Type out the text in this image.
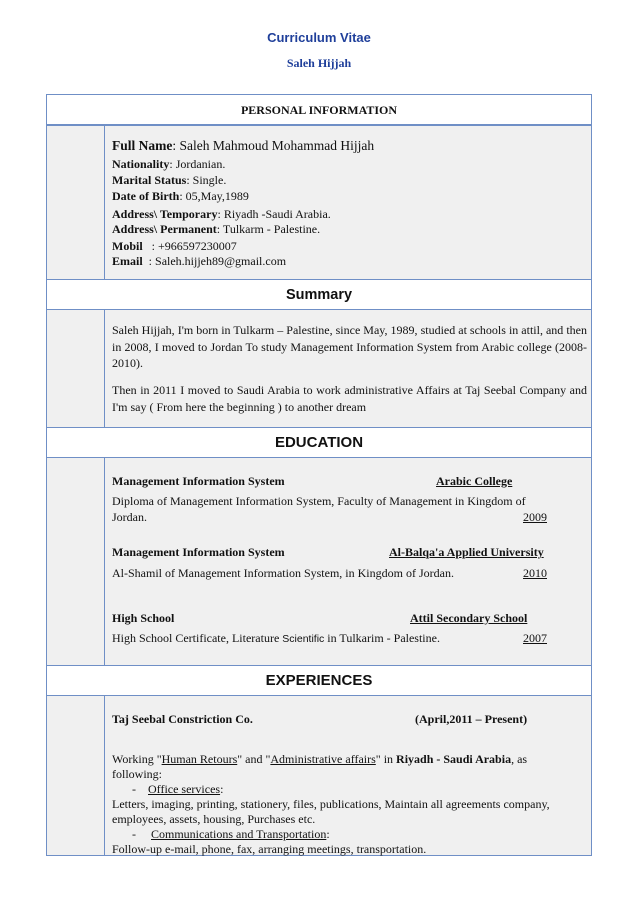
Curriculum Vitae
Saleh Hijjah
PERSONAL INFORMATION
Full Name: Saleh Mahmoud Mohammad Hijjah
Nationality: Jordanian.
Marital Status: Single.
Date of Birth: 05,May,1989
Address\ Temporary: Riyadh -Saudi Arabia.
Address\ Permanent: Tulkarm - Palestine.
Mobil   : +966597230007
Email  : Saleh.hijjeh89@gmail.com
Summary
Saleh Hijjah, I'm born in Tulkarm – Palestine, since May, 1989, studied at schools in attil, and then in 2008, I moved to Jordan To study Management Information System from Arabic college (2008-2010).
Then in 2011 I moved to Saudi Arabia to work administrative Affairs at Taj Seebal Company and I'm say ( From here the beginning ) to another dream
EDUCATION
Management Information System	Arabic College
Diploma of Management Information System, Faculty of Management in Kingdom of
Jordan.	2009
Management Information System	Al-Balqa'a Applied University
Al-Shamil of Management Information System, in Kingdom of Jordan.	2010
High School	Attil Secondary School
High School Certificate, Literature Scientific in Tulkarim - Palestine.	2007
EXPERIENCES
Taj Seebal Constriction Co.	(April,2011 – Present)
Working "Human Retours" and "Administrative affairs" in Riyadh - Saudi Arabia, as
following:
- Office services:
Letters, imaging, printing, stationery, files, publications, Maintain all agreements company,
employees, assets, housing, Purchases etc.
- Communications and Transportation:
Follow-up e-mail, phone, fax, arranging meetings, transportation.
